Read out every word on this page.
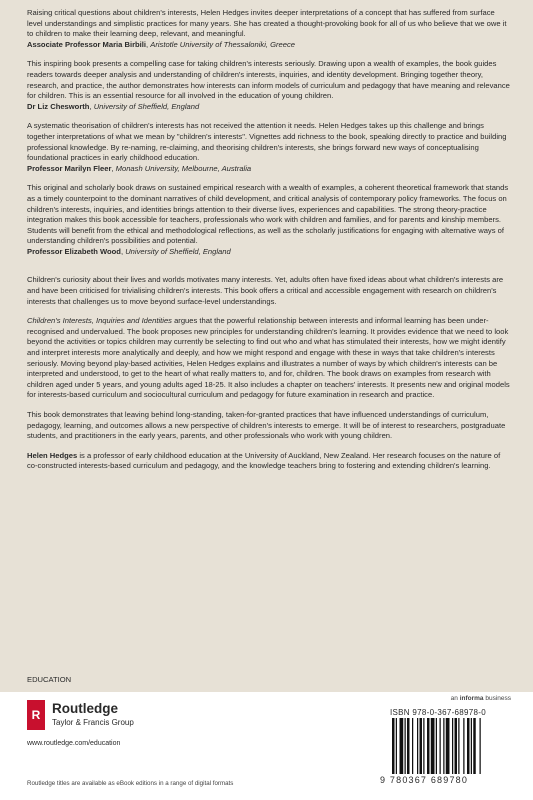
Raising critical questions about children's interests, Helen Hedges invites deeper interpretations of a concept that has suffered from surface level understandings and simplistic practices for many years. She has created a thought-provoking book for all of us who believe that we owe it to children to make their learning deep, relevant, and meaningful.

Associate Professor Maria Birbili, Aristotle University of Thessaloniki, Greece

This inspiring book presents a compelling case for taking children's interests seriously. Drawing upon a wealth of examples, the book guides readers towards deeper analysis and understanding of children's interests, inquiries, and identity development. Bringing together theory, research, and practice, the author demonstrates how interests can inform models of curriculum and pedagogy that have meaning and relevance for children. This is an essential resource for all involved in the education of young children.

Dr Liz Chesworth, University of Sheffield, England

A systematic theorisation of children's interests has not received the attention it needs. Helen Hedges takes up this challenge and brings together interpretations of what we mean by "children's interests". Vignettes add richness to the book, speaking directly to practice and building professional knowledge. By re-naming, re-claiming, and theorising children's interests, she brings forward new ways of conceptualising foundational practices in early childhood education.

Professor Marilyn Fleer, Monash University, Melbourne, Australia

This original and scholarly book draws on sustained empirical research with a wealth of examples, a coherent theoretical framework that stands as a timely counterpoint to the dominant narratives of child development, and critical analysis of contemporary policy frameworks. The focus on children's interests, inquiries, and identities brings attention to their diverse lives, experiences and capabilities. The strong theory-practice integration makes this book accessible for teachers, professionals who work with children and families, and for parents and kinship members. Students will benefit from the ethical and methodological reflections, as well as the scholarly justifications for engaging with alternative ways of understanding children's possibilities and potential.

Professor Elizabeth Wood, University of Sheffield, England

Children's curiosity about their lives and worlds motivates many interests. Yet, adults often have fixed ideas about what children's interests are and have been criticised for trivialising children's interests. This book offers a critical and accessible engagement with research on children's interests that challenges us to move beyond surface-level understandings.

Children's Interests, Inquiries and Identities argues that the powerful relationship between interests and informal learning has been under-recognised and undervalued. The book proposes new principles for understanding children's learning. It provides evidence that we need to look beyond the activities or topics children may currently be selecting to find out who and what has stimulated their interests, how we might identify and interpret interests more analytically and deeply, and how we might respond and engage with these in ways that take children's interests seriously. Moving beyond play-based activities, Helen Hedges explains and illustrates a number of ways by which children's interests can be interpreted and understood, to get to the heart of what really matters to, and for, children. The book draws on examples from research with children aged under 5 years, and young adults aged 18-25. It also includes a chapter on teachers' interests. It presents new and original models for interests-based curriculum and sociocultural curriculum and pedagogy for future examination in research and practice.

This book demonstrates that leaving behind long-standing, taken-for-granted practices that have influenced understandings of curriculum, pedagogy, learning, and outcomes allows a new perspective of children's interests to emerge. It will be of interest to researchers, postgraduate students, and practitioners in the early years, parents, and other professionals who work with young children.

Helen Hedges is a professor of early childhood education at the University of Auckland, New Zealand. Her research focuses on the nature of co-constructed interests-based curriculum and pedagogy, and the knowledge teachers bring to fostering and extending children's learning.

EDUCATION
R Routledge
Taylor & Francis Group
www.routledge.com/education
an informa business
ISBN 978-0-367-68978-0
9 780367 689780
Routledge titles are available as eBook editions in a range of digital formats
